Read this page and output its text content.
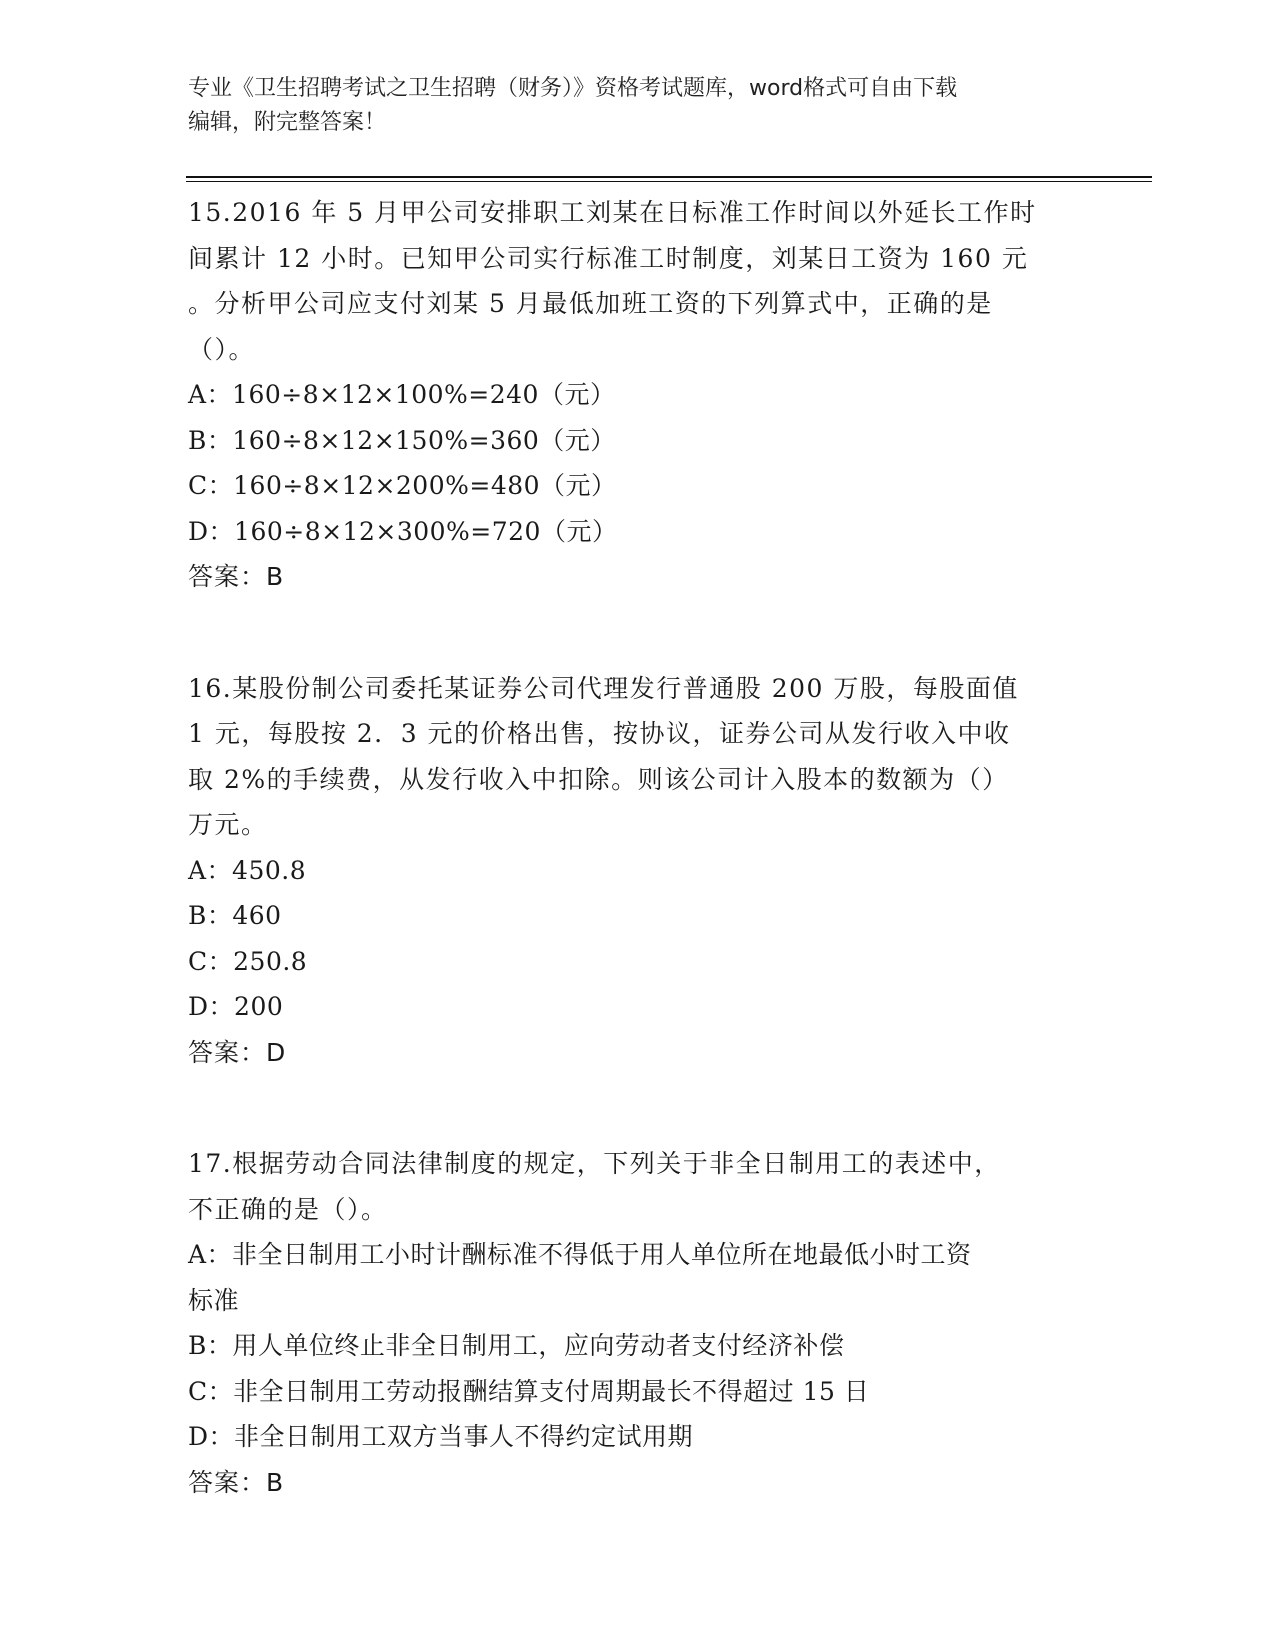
专业《卫生招聘考试之卫生招聘（财务）》资格考试题库，word格式可自由下载
编辑，附完整答案！

15.2016 年 5 月甲公司安排职工刘某在日标准工作时间以外延长工作时

间累计 12 小时。已知甲公司实行标准工时制度，刘某日工资为 160 元

。分析甲公司应支付刘某 5 月最低加班工资的下列算式中，正确的是

（）。

A：160÷8×12×100%=240（元）

B：160÷8×12×150%=360（元）

C：160÷8×12×200%=480（元）

D：160÷8×12×300%=720（元）

答案：B

16.某股份制公司委托某证券公司代理发行普通股 200 万股，每股面值

1 元，每股按 2．3 元的价格出售，按协议，证券公司从发行收入中收

取 2%的手续费，从发行收入中扣除。则该公司计入股本的数额为（）

万元。

A：450.8

B：460

C：250.8

D：200

答案：D

17.根据劳动合同法律制度的规定，下列关于非全日制用工的表述中，

不正确的是（）。

A：非全日制用工小时计酬标准不得低于用人单位所在地最低小时工资

标准

B：用人单位终止非全日制用工，应向劳动者支付经济补偿

C：非全日制用工劳动报酬结算支付周期最长不得超过 15 日

D：非全日制用工双方当事人不得约定试用期

答案：B
